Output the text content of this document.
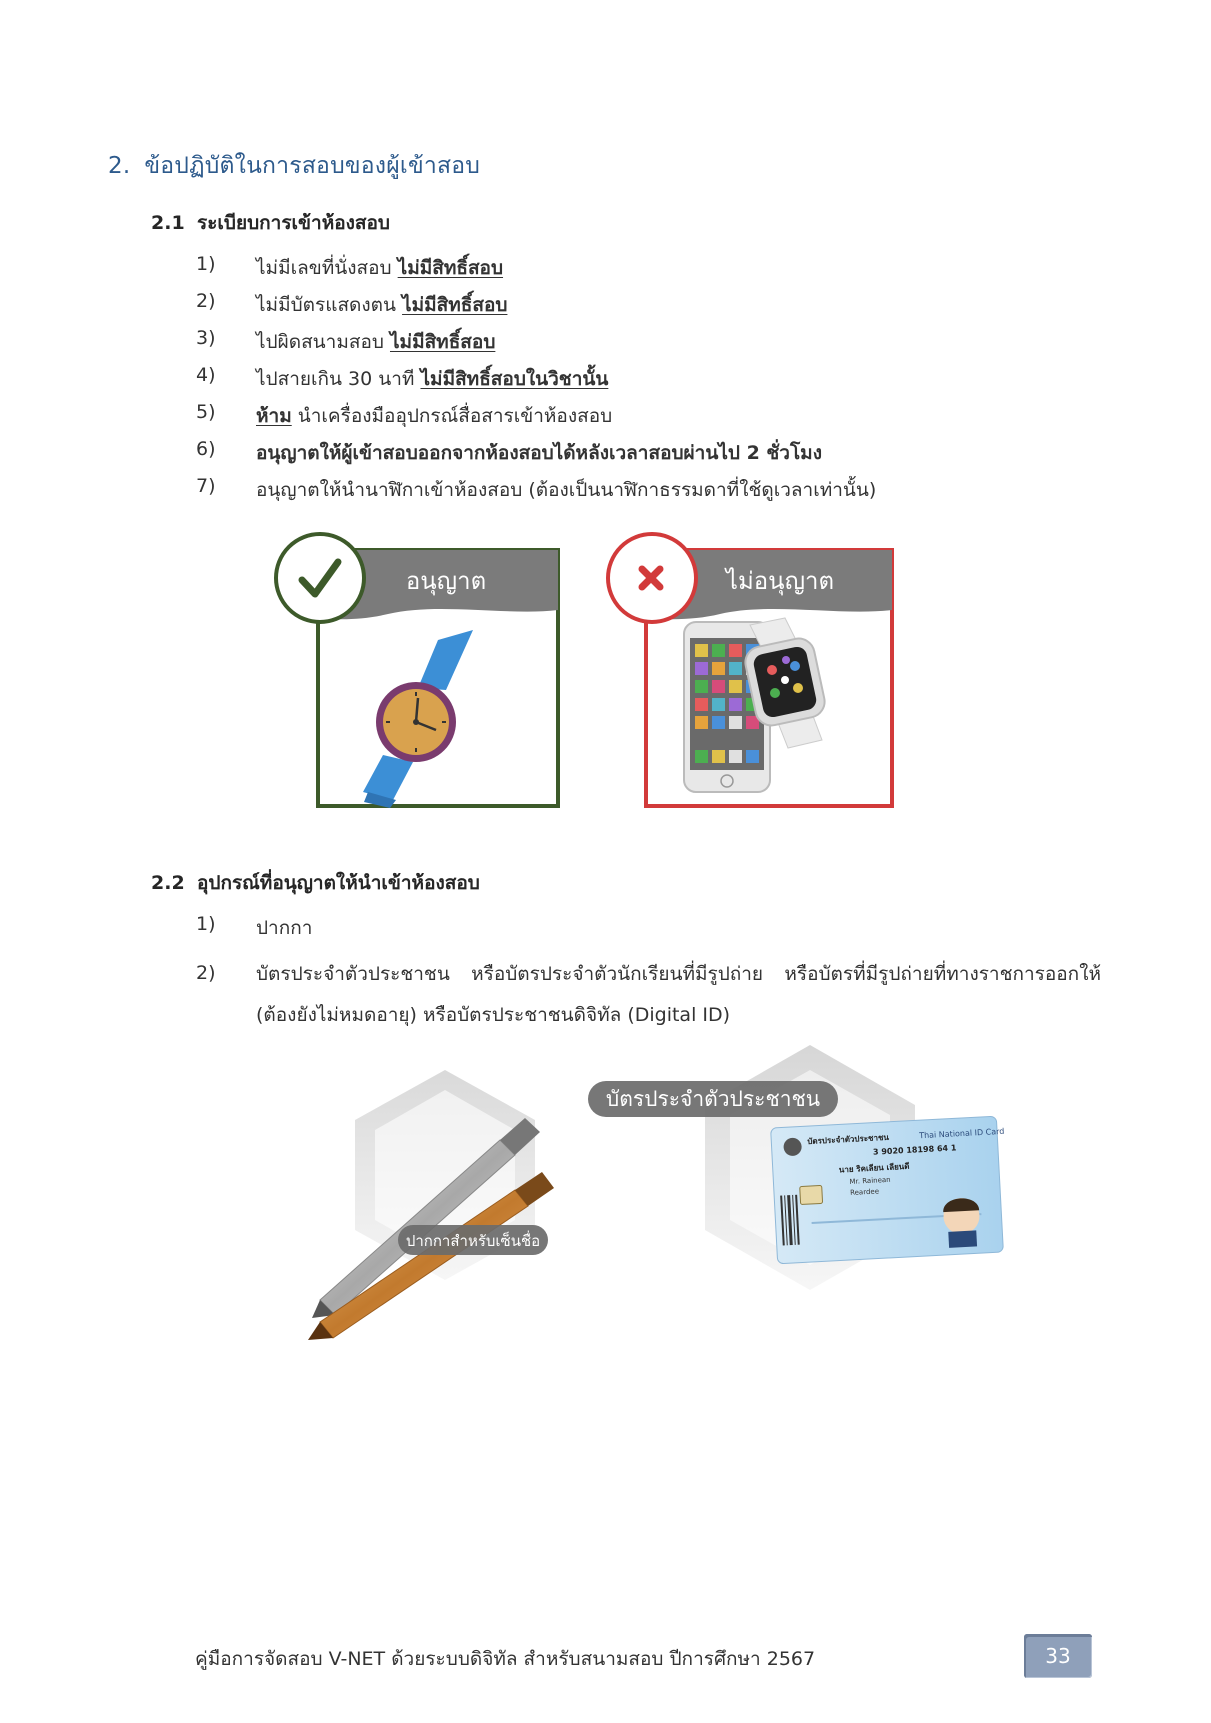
2. ข้อปฏิบัติในการสอบของผู้เข้าสอบ
2.1 ระเบียบการเข้าห้องสอบ
1) ไม่มีเลขที่นั่งสอบ ไม่มีสิทธิ์สอบ
2) ไม่มีบัตรแสดงตน ไม่มีสิทธิ์สอบ
3) ไปผิดสนามสอบ ไม่มีสิทธิ์สอบ
4) ไปสายเกิน 30 นาที ไม่มีสิทธิ์สอบในวิชานั้น
5) ห้าม นำเครื่องมืออุปกรณ์สื่อสารเข้าห้องสอบ
6) อนุญาตให้ผู้เข้าสอบออกจากห้องสอบได้หลังเวลาสอบผ่านไป 2 ชั่วโมง
7) อนุญาตให้นำนาฬิกาเข้าห้องสอบ (ต้องเป็นนาฬิกาธรรมดาที่ใช้ดูเวลาเท่านั้น)
อนุญาต	ไม่อนุญาต
2.2 อุปกรณ์ที่อนุญาตให้นำเข้าห้องสอบ
1) ปากกา
2) บัตรประจำตัวประชาชน หรือบัตรประจำตัวนักเรียนที่มีรูปถ่าย หรือบัตรที่มีรูปถ่ายที่ทางราชการออกให้ (ต้องยังไม่หมดอายุ) หรือบัตรประชาชนดิจิทัล (Digital ID)
ปากกาสำหรับเซ็นชื่อ
บัตรประจำตัวประชาชน	Thai National ID Card
3 9020 18198 64 1
นาย ริคเลียน เลียนดี
Mr. Rainean
Reardee
บัตรประจำตัวประชาชน
คู่มือการจัดสอบ V-NET ด้วยระบบดิจิทัล สำหรับสนามสอบ ปีการศึกษา 2567	33
